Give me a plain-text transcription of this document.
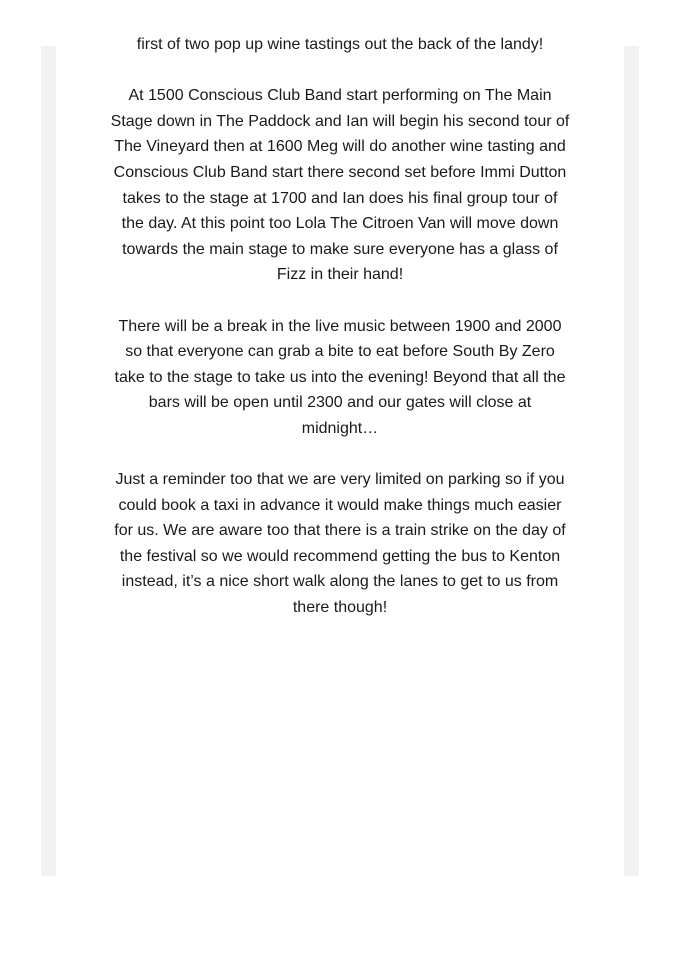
first of two pop up wine tastings out the back of the landy!

At 1500 Conscious Club Band start performing on The Main Stage down in The Paddock and Ian will begin his second tour of The Vineyard then at 1600 Meg will do another wine tasting and Conscious Club Band start there second set before Immi Dutton takes to the stage at 1700 and Ian does his final group tour of the day. At this point too Lola The Citroen Van will move down towards the main stage to make sure everyone has a glass of Fizz in their hand!

There will be a break in the live music between 1900 and 2000 so that everyone can grab a bite to eat before South By Zero take to the stage to take us into the evening! Beyond that all the bars will be open until 2300 and our gates will close at midnight…

Just a reminder too that we are very limited on parking so if you could book a taxi in advance it would make things much easier for us. We are aware too that there is a train strike on the day of the festival so we would recommend getting the bus to Kenton instead, it’s a nice short walk along the lanes to get to us from there though!
